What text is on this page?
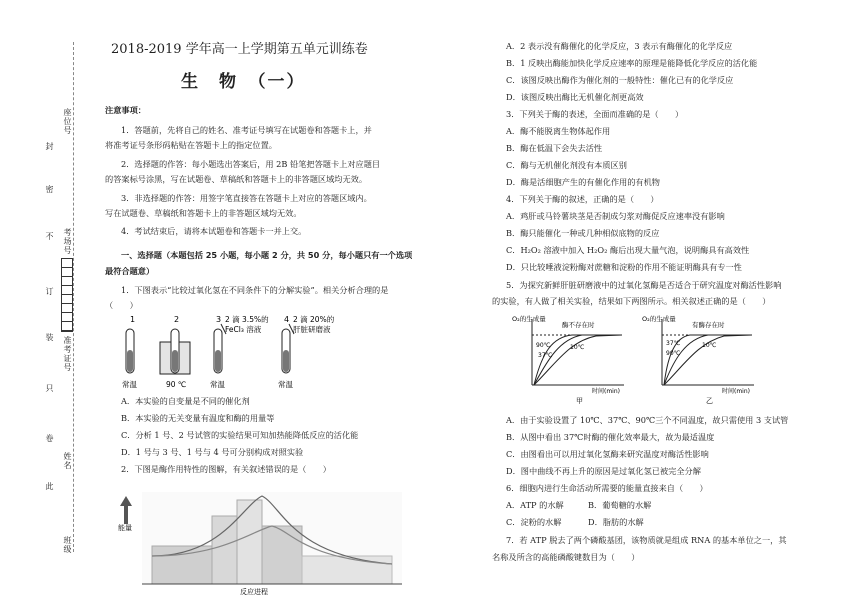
封
密
不
订
装
只
卷
此
座位号
考场号
准考证号
姓名
班级
2018-2019 学年高一上学期第五单元训练卷
生　物　（一）
注意事项：
1．答题前，先将自己的姓名、准考证号填写在试题卷和答题卡上，并
将准考证号条形码粘贴在答题卡上的指定位置。
2．选择题的作答：每小题选出答案后，用 2B 铅笔把答题卡上对应题目
的答案标号涂黑，写在试题卷、草稿纸和答题卡上的非答题区域均无效。
3．非选择题的作答：用签字笔直接答在答题卡上对应的答题区域内。
写在试题卷、草稿纸和答题卡上的非答题区域均无效。
4．考试结束后，请将本试题卷和答题卡一并上交。
一、选择题（本题包括 25 小题，每小题 2 分，共 50 分，每小题只有一个选项
最符合题意）
1．下图表示“比较过氧化氢在不同条件下的分解实验”。相关分析合理的是
（　　）
1	2	3 2 滴 3.5%的
FeCl₃ 溶液
4 2 滴 20%的
肝脏研磨液
常温	90 ℃	常温	常温
A．本实验的自变量是不同的催化剂
B．本实验的无关变量有温度和酶的用量等
C．分析 1 号、2 号试管的实验结果可知加热能降低反应的活化能
D．1 号与 3 号、1 号与 4 号可分别构成对照实验
2．下图是酶作用特性的图解，有关叙述错误的是（　　）
能量
反应进程
A．2 表示没有酶催化的化学反应，3 表示有酶催化的化学反应
B．1 反映出酶能加快化学反应速率的原理是能降低化学反应的活化能
C．该图反映出酶作为催化剂的一般特性：催化已有的化学反应
D．该图反映出酶比无机催化剂更高效
3．下列关于酶的表述，全面而准确的是（　　）
A．酶不能脱离生物体起作用
B．酶在低温下会失去活性
C．酶与无机催化剂没有本质区别
D．酶是活细胞产生的有催化作用的有机物
4．下列关于酶的叙述，正确的是（　　）
A．鸡肝或马铃薯块茎是否制成匀浆对酶促反应速率没有影响
B．酶只能催化一种或几种相似底物的反应
C．H₂O₂ 溶液中加入 H₂O₂ 酶后出现大量气泡，说明酶具有高效性
D．只比较唾液淀粉酶对蔗糖和淀粉的作用不能证明酶具有专一性
5．为探究新鲜肝脏研磨液中的过氧化氢酶是否适合于研究温度对酶活性影响
的实验，有人做了相关实验，结果如下两图所示。相关叙述正确的是（　　）
O₂的生成量
酶不存在时
90℃
37℃
10℃
时间(min)
甲
O₂的生成量
有酶存在时
37℃
90℃
10℃
时间(min)
乙
A．由于实验设置了 10℃、37℃、90℃三个不同温度，故只需使用 3 支试管
B．从图中看出 37℃时酶的催化效率最大，故为最适温度
C．由图看出可以用过氧化氢酶来研究温度对酶活性影响
D．图中曲线不再上升的原因是过氧化氢已被完全分解
6．细胞内进行生命活动所需要的能量直接来自（　　）
A．ATP 的水解	B．葡萄糖的水解
C．淀粉的水解	D．脂肪的水解
7．若 ATP 脱去了两个磷酸基团，该物质就是组成 RNA 的基本单位之一，其
名称及所含的高能磷酸键数目为（　　）
